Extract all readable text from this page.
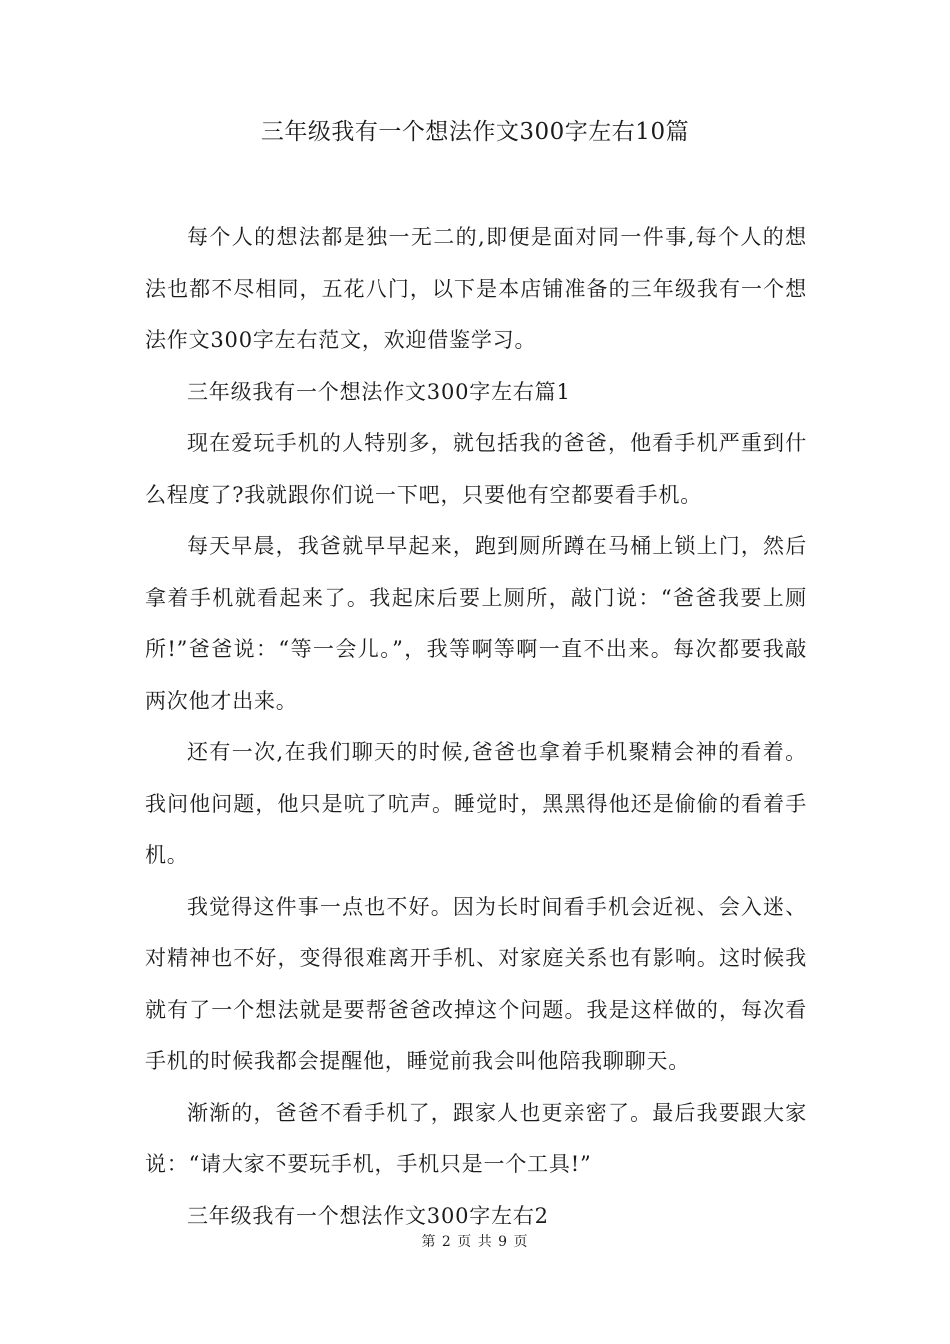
三年级我有一个想法作文300字左右10篇

每个人的想法都是独一无二的,即便是面对同一件事,每个人的想法也都不尽相同，五花八门，以下是本店铺准备的三年级我有一个想法作文300字左右范文，欢迎借鉴学习。

三年级我有一个想法作文300字左右篇1

现在爱玩手机的人特别多，就包括我的爸爸，他看手机严重到什么程度了?我就跟你们说一下吧，只要他有空都要看手机。

每天早晨，我爸就早早起来，跑到厕所蹲在马桶上锁上门，然后拿着手机就看起来了。我起床后要上厕所，敲门说：“爸爸我要上厕所!”爸爸说：“等一会儿。”，我等啊等啊一直不出来。每次都要我敲两次他才出来。

还有一次,在我们聊天的时候,爸爸也拿着手机聚精会神的看着。我问他问题，他只是吭了吭声。睡觉时，黑黑得他还是偷偷的看着手机。

我觉得这件事一点也不好。因为长时间看手机会近视、会入迷、对精神也不好，变得很难离开手机、对家庭关系也有影响。这时候我就有了一个想法就是要帮爸爸改掉这个问题。我是这样做的，每次看手机的时候我都会提醒他，睡觉前我会叫他陪我聊聊天。

渐渐的，爸爸不看手机了，跟家人也更亲密了。最后我要跟大家说：“请大家不要玩手机，手机只是一个工具!”

三年级我有一个想法作文300字左右2

第 2 页 共 9 页
